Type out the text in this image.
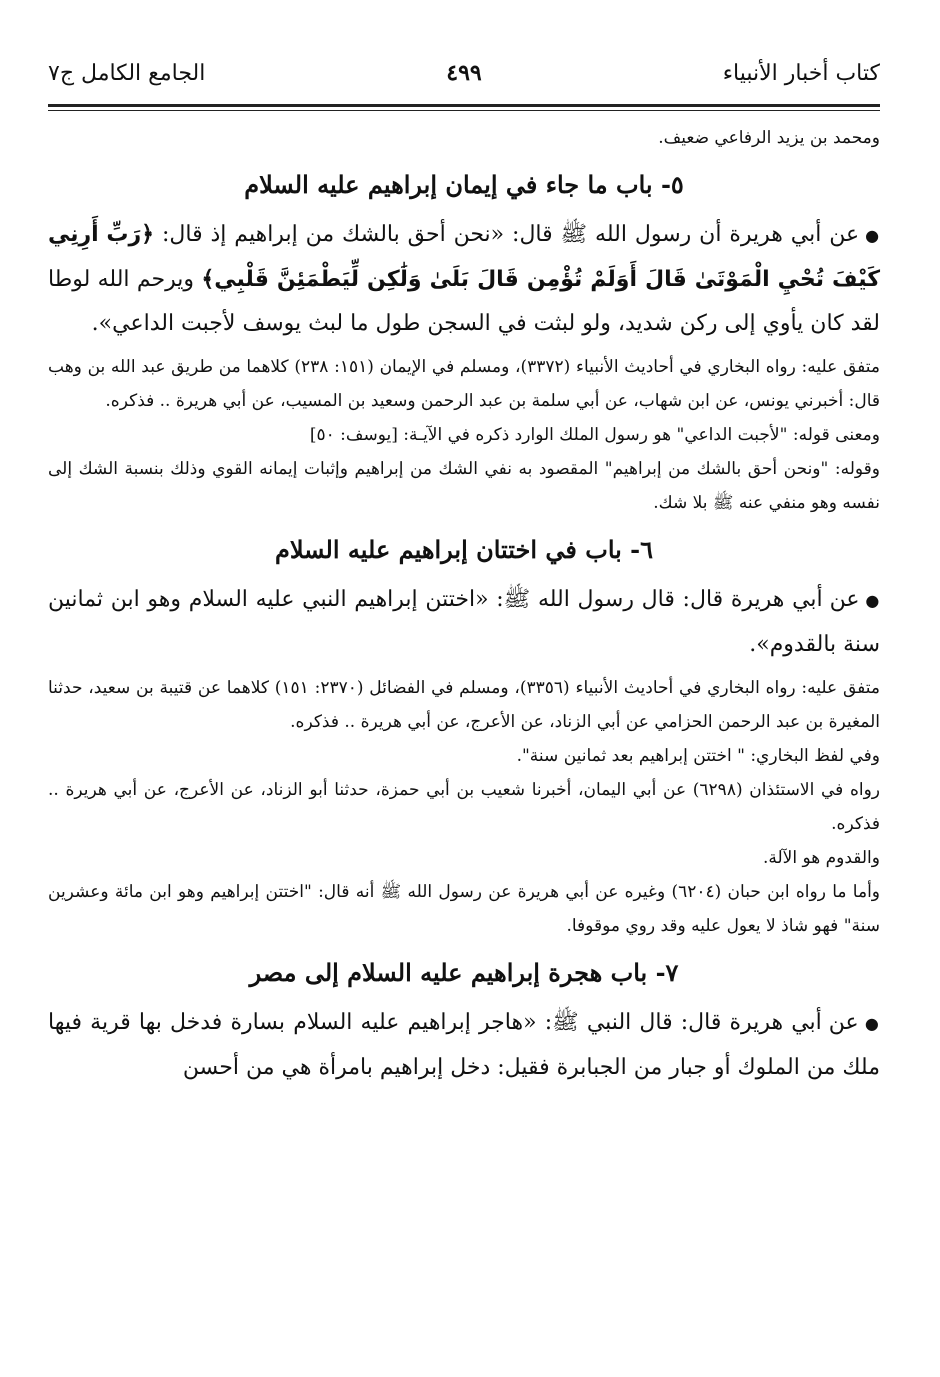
كتاب أخبار الأنبياء
٤٩٩
الجامع الكامل ج٧

ومحمد بن يزيد الرفاعي ضعيف.

٥- باب ما جاء في إيمان إبراهيم عليه السلام

● عن أبي هريرة أن رسول الله ﷺ قال: «نحن أحق بالشك من إبراهيم إذ قال: ﴿رَبِّ أَرِنِي كَيْفَ تُحْيِ الْمَوْتَىٰ قَالَ أَوَلَمْ تُؤْمِن قَالَ بَلَىٰ وَلَٰكِن لِّيَطْمَئِنَّ قَلْبِي﴾ ويرحم الله لوطا لقد كان يأوي إلى ركن شديد، ولو لبثت في السجن طول ما لبث يوسف لأجبت الداعي».

متفق عليه: رواه البخاري في أحاديث الأنبياء (٣٣٧٢)، ومسلم في الإيمان (١٥١: ٢٣٨) كلاهما من طريق عبد الله بن وهب قال: أخبرني يونس، عن ابن شهاب، عن أبي سلمة بن عبد الرحمن وسعيد بن المسيب، عن أبي هريرة .. فذكره.

ومعنى قوله: "لأجبت الداعي" هو رسول الملك الوارد ذكره في الآيـة: [يوسف: ٥٠]

وقوله: "ونحن أحق بالشك من إبراهيم" المقصود به نفي الشك من إبراهيم وإثبات إيمانه القوي وذلك بنسبة الشك إلى نفسه وهو منفي عنه ﷺ بلا شك.

٦- باب في اختتان إبراهيم عليه السلام

● عن أبي هريرة قال: قال رسول الله ﷺ: «اختتن إبراهيم النبي عليه السلام وهو ابن ثمانين سنة بالقدوم».

متفق عليه: رواه البخاري في أحاديث الأنبياء (٣٣٥٦)، ومسلم في الفضائل (٢٣٧٠: ١٥١) كلاهما عن قتيبة بن سعيد، حدثنا المغيرة بن عبد الرحمن الحزامي عن أبي الزناد، عن الأعرج، عن أبي هريرة .. فذكره.

وفي لفظ البخاري: " اختتن إبراهيم بعد ثمانين سنة".

رواه في الاستئذان (٦٢٩٨) عن أبي اليمان، أخبرنا شعيب بن أبي حمزة، حدثنا أبو الزناد، عن الأعرج، عن أبي هريرة .. فذكره.

والقدوم هو الآلة.

وأما ما رواه ابن حبان (٦٢٠٤) وغيره عن أبي هريرة عن رسول الله ﷺ أنه قال: "اختتن إبراهيم وهو ابن مائة وعشرين سنة" فهو شاذ لا يعول عليه وقد روي موقوفا.

٧- باب هجرة إبراهيم عليه السلام إلى مصر

● عن أبي هريرة قال: قال النبي ﷺ: «هاجر إبراهيم عليه السلام بسارة فدخل بها قرية فيها ملك من الملوك أو جبار من الجبابرة فقيل: دخل إبراهيم بامرأة هي من أحسن
